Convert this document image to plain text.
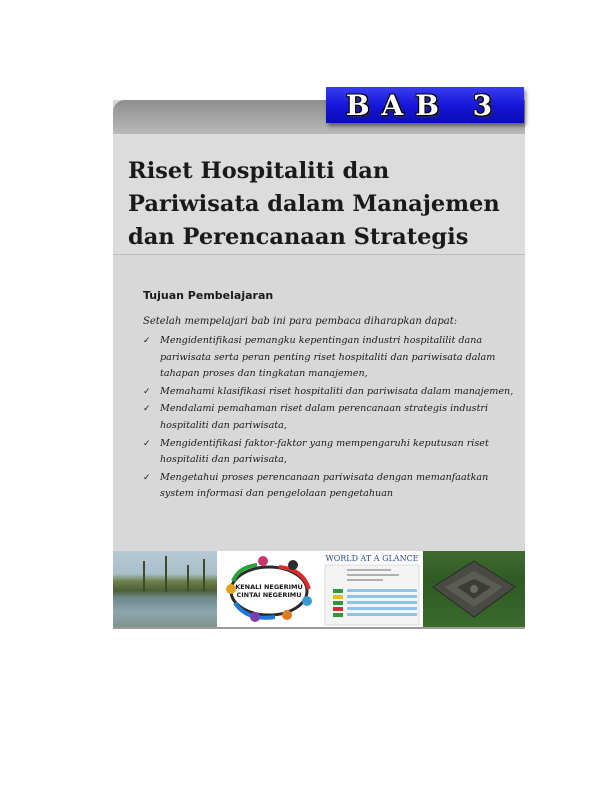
BAB 3
Riset Hospitaliti dan
Pariwisata dalam Manajemen
dan Perencanaan Strategis
Tujuan Pembelajaran
Setelah mempelajari bab ini para pembaca diharapkan dapat:
✓ Mengidentifikasi pemangku kepentingan industri hospitalilit dana pariwisata serta peran penting riset hospitaliti dan pariwisata dalam tahapan proses dan tingkatan manajemen,
✓ Memahami klasifikasi riset hospitaliti dan pariwisata dalam manajemen,
✓ Mendalami pemahaman riset dalam perencanaan strategis industri hospitaliti dan pariwisata,
✓ Mengidentifikasi faktor-faktor yang mempengaruhi keputusan riset hospitaliti dan pariwisata,
✓ Mengetahui proses perencanaan pariwisata dengan memanfaatkan system informasi dan pengelolaan pengetahuan
KENALI NEGERIMU
CINTAI NEGERIMU
WORLD AT A GLANCE
